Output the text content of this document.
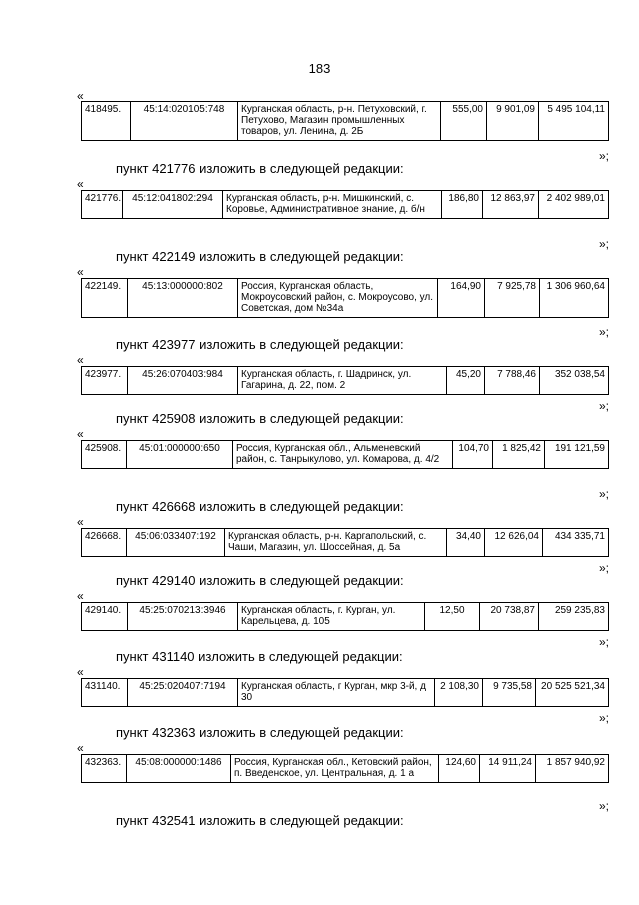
183
«
418495.	45:14:020105:748	Курганская область, р-н. Петуховский, г. Петухово, Магазин промышленных товаров, ул. Ленина, д. 2Б	555,00	9 901,09	5 495 104,11
»;
пункт 421776 изложить в следующей редакции:
«
421776.	45:12:041802:294	Курганская область, р-н. Мишкинский, с. Коровье, Административное знание, д. б/н	186,80	12 863,97	2 402 989,01
»;
пункт 422149 изложить в следующей редакции:
«
422149.	45:13:000000:802	Россия, Курганская область, Мокроусовский район, с. Мокроусово, ул. Советская, дом №34а	164,90	7 925,78	1 306 960,64
»;
пункт 423977 изложить в следующей редакции:
«
423977.	45:26:070403:984	Курганская область, г. Шадринск, ул. Гагарина, д. 22, пом. 2	45,20	7 788,46	352 038,54
»;
пункт 425908 изложить в следующей редакции:
«
425908.	45:01:000000:650	Россия, Курганская обл., Альменевский район, с. Танрыкулово, ул. Комарова, д. 4/2	104,70	1 825,42	191 121,59
»;
пункт 426668 изложить в следующей редакции:
«
426668.	45:06:033407:192	Курганская область, р-н. Каргапольский, с. Чаши, Магазин, ул. Шоссейная, д. 5а	34,40	12 626,04	434 335,71
»;
пункт 429140 изложить в следующей редакции:
«
429140.	45:25:070213:3946	Курганская область, г. Курган, ул. Карельцева, д. 105	12,50	20 738,87	259 235,83
»;
пункт 431140 изложить в следующей редакции:
«
431140.	45:25:020407:7194	Курганская область, г Курган, мкр 3-й, д 30	2 108,30	9 735,58	20 525 521,34
»;
пункт 432363 изложить в следующей редакции:
«
432363.	45:08:000000:1486	Россия, Курганская обл., Кетовский район, п. Введенское, ул. Центральная, д. 1 а	124,60	14 911,24	1 857 940,92
»;
пункт 432541 изложить в следующей редакции:
